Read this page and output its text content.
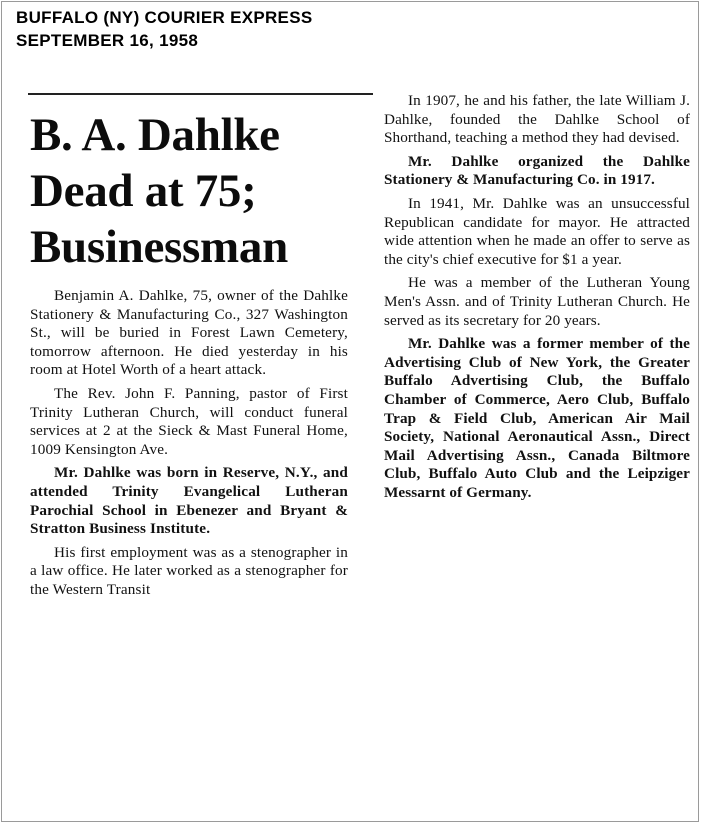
BUFFALO (NY) COURIER EXPRESS
SEPTEMBER 16, 1958
B. A. Dahlke
Dead at 75;
Businessman

Benjamin A. Dahlke, 75, owner of the Dahlke Stationery & Manufacturing Co., 327 Washington St., will be buried in Forest Lawn Cemetery, tomorrow afternoon. He died yesterday in his room at Hotel Worth of a heart attack.

The Rev. John F. Panning, pastor of First Trinity Lutheran Church, will conduct funeral services at 2 at the Sieck & Mast Funeral Home, 1009 Kensington Ave.

Mr. Dahlke was born in Reserve, N.Y., and attended Trinity Evangelical Lutheran Parochial School in Ebenezer and Bryant & Stratton Business Institute.

His first employment was as a stenographer in a law office. He later worked as a stenographer for the Western Transit

In 1907, he and his father, the late William J. Dahlke, founded the Dahlke School of Shorthand, teaching a method they had devised.

Mr. Dahlke organized the Dahlke Stationery & Manufacturing Co. in 1917.

In 1941, Mr. Dahlke was an unsuccessful Republican candidate for mayor. He attracted wide attention when he made an offer to serve as the city's chief executive for $1 a year.

He was a member of the Lutheran Young Men's Assn. and of Trinity Lutheran Church. He served as its secretary for 20 years.

Mr. Dahlke was a former member of the Advertising Club of New York, the Greater Buffalo Advertising Club, the Buffalo Chamber of Commerce, Aero Club, Buffalo Trap & Field Club, American Air Mail Society, National Aeronautical Assn., Direct Mail Advertising Assn., Canada Biltmore Club, Buffalo Auto Club and the Leipziger Messarnt of Germany.
